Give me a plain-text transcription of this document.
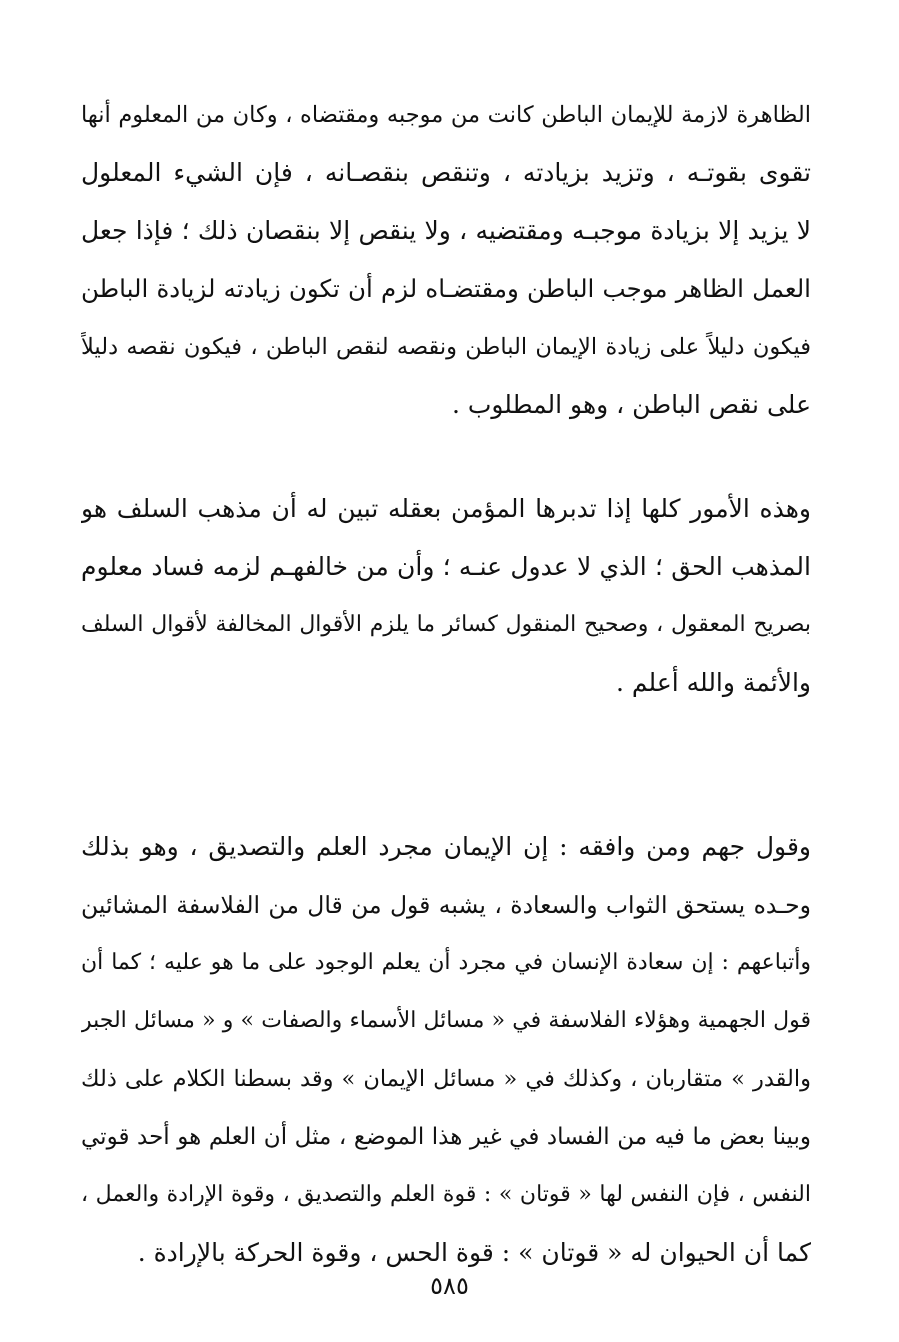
الظاهرة لازمة للإيمان الباطن كانت من موجبه ومقتضاه ، وكان من المعلوم أنها
تقوى بقوتـه ، وتزيد بزيادته ، وتنقص بنقصـانه ، فإن الشيء المعلول
لا يزيد إلا بزيادة موجبـه ومقتضيه ، ولا ينقص إلا بنقصان ذلك ؛ فإذا جعل
العمل الظاهر موجب الباطن ومقتضـاه لزم أن تكون زيادته لزيادة الباطن
فيكون دليلاً على زيادة الإيمان الباطن ونقصه لنقص الباطن ، فيكون نقصه دليلاً
على نقص الباطن ، وهو المطلوب .
وهذه الأمور كلها إذا تدبرها المؤمن بعقله تبين له أن مذهب السلف هو
المذهب الحق ؛ الذي لا عدول عنـه ؛ وأن من خالفهـم لزمه فساد معلوم
بصريح المعقول ، وصحيح المنقول كسائر ما يلزم الأقوال المخالفة لأقوال السلف
والأئمة والله أعلم .
وقول جهم ومن وافقه : إن الإيمان مجرد العلم والتصديق ، وهو بذلك
وحـده يستحق الثواب والسعادة ، يشبه قول من قال من الفلاسفة المشائين
وأتباعهم : إن سعادة الإنسان في مجرد أن يعلم الوجود على ما هو عليه ؛ كما أن
قول الجهمية وهؤلاء الفلاسفة في « مسائل الأسماء والصفات » و « مسائل الجبر
والقدر » متقاربان ، وكذلك في « مسائل الإيمان » وقد بسطنا الكلام على ذلك
وبينا بعض ما فيه من الفساد في غير هذا الموضع ، مثل أن العلم هو أحد قوتي
النفس ، فإن النفس لها « قوتان » : قوة العلم والتصديق ، وقوة الإرادة والعمل ،
كما أن الحيوان له « قوتان » : قوة الحس ، وقوة الحركة بالإرادة .
٥٨٥
